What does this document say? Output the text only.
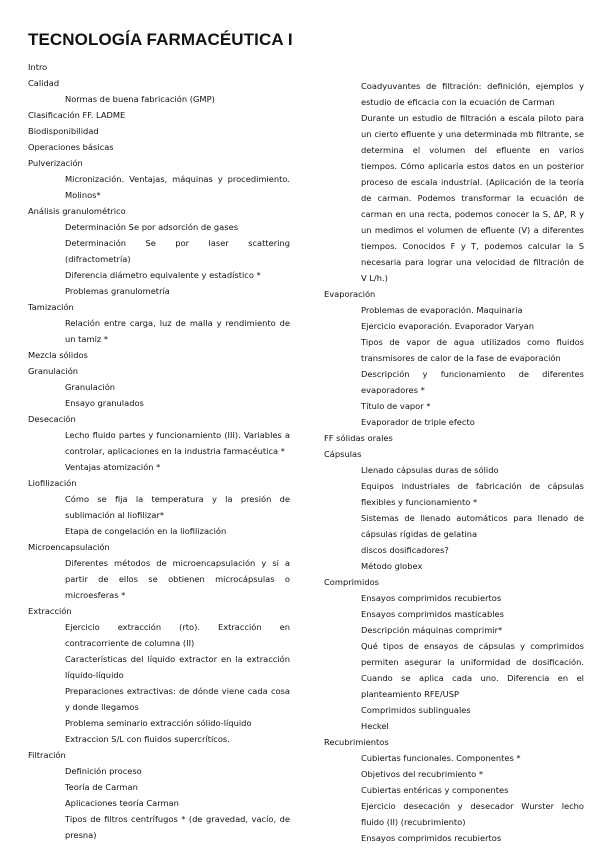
TECNOLOGÍA FARMACÉUTICA I
Intro
Calidad
Normas de buena fabricación (GMP)
Clasificación FF. LADME
Biodisponibilidad
Operaciones básicas
Pulverización
Micronización. Ventajas, máquinas y procedimiento. Molinos*
Análisis granulométrico
Determinación Se por adsorción de gases
Determinación Se por laser scattering (difractometría)
Diferencia diámetro equivalente y estadístico *
Problemas granulometría
Tamización
Relación entre carga, luz de malla y rendimiento de un tamiz *
Mezcla sólidos
Granulación
Granulación
Ensayo granulados
Desecación
Lecho fluido partes y funcionamiento (III). Variables a controlar, aplicaciones en la industria farmacéutica *
Ventajas atomización *
Liofilización
Cómo se fija la temperatura y la presión de sublimación al liofilizar*
Etapa de congelación en la liofilización
Microencapsulación
Diferentes métodos de microencapsulación y si a partir de ellos se obtienen microcápsulas o microesferas *
Extracción
Ejercicio extracción (rto). Extracción en contracorriente de columna (II)
Características del líquido extractor en la extracción líquido-líquido
Preparaciones extractivas: de dónde viene cada cosa y donde llegamos
Problema seminario extracción sólido-líquido
Extraccion S/L con fluidos supercríticos.
Filtración
Definición proceso
Teoría de Carman
Aplicaciones teoría Carman
Tipos de filtros centrífugos * (de gravedad, vacío, de presna)
Coadyuvantes de filtración: definición, ejemplos y estudio de eficacia con la ecuación de Carman
Durante un estudio de filtración a escala piloto para un cierto efluente y una determinada mb filtrante, se determina el volumen del efluente en varios tiempos. Cómo aplicaría estos datos en un posterior proceso de escala industrial. (Aplicación de la teoría de carman. Podemos transformar la ecuación de carman en una recta, podemos conocer la S, ΔP, R y un medimos el volumen de efluente (V) a diferentes tiempos. Conocidos F y T, podemos calcular la S necesaria para lograr una velocidad de filtración de V L/h.)
Evaporación
Problemas de evaporación. Maquinaria
Ejercicio evaporación. Evaporador Varyan
Tipos de vapor de agua utilizados como fluidos transmisores de calor de la fase de evaporación
Descripción y funcionamiento de diferentes evaporadores *
Título de vapor *
Evaporador de triple efecto
FF sólidas orales
Cápsulas
Llenado cápsulas duras de sólido
Equipos industriales de fabricación de cápsulas flexibles y funcionamiento *
Sistemas de llenado automáticos para llenado de cápsulas rígidas de gelatina
discos dosificadores?
Método globex
Comprimidos
Ensayos comprimidos recubiertos
Ensayos comprimidos masticables
Descripción máquinas comprimir*
Qué tipos de ensayos de cápsulas y comprimidos permiten asegurar la uniformidad de dosificación. Cuando se aplica cada uno. Diferencia en el planteamiento RFE/USP
Comprimidos sublinguales
Heckel
Recubrimientos
Cubiertas funcionales. Componentes *
Objetivos del recubrimiento *
Cubiertas entéricas y componentes
Ejercicio desecación y desecador Wurster lecho fluido (II) (recubrimiento)
Ensayos comprimidos recubiertos
